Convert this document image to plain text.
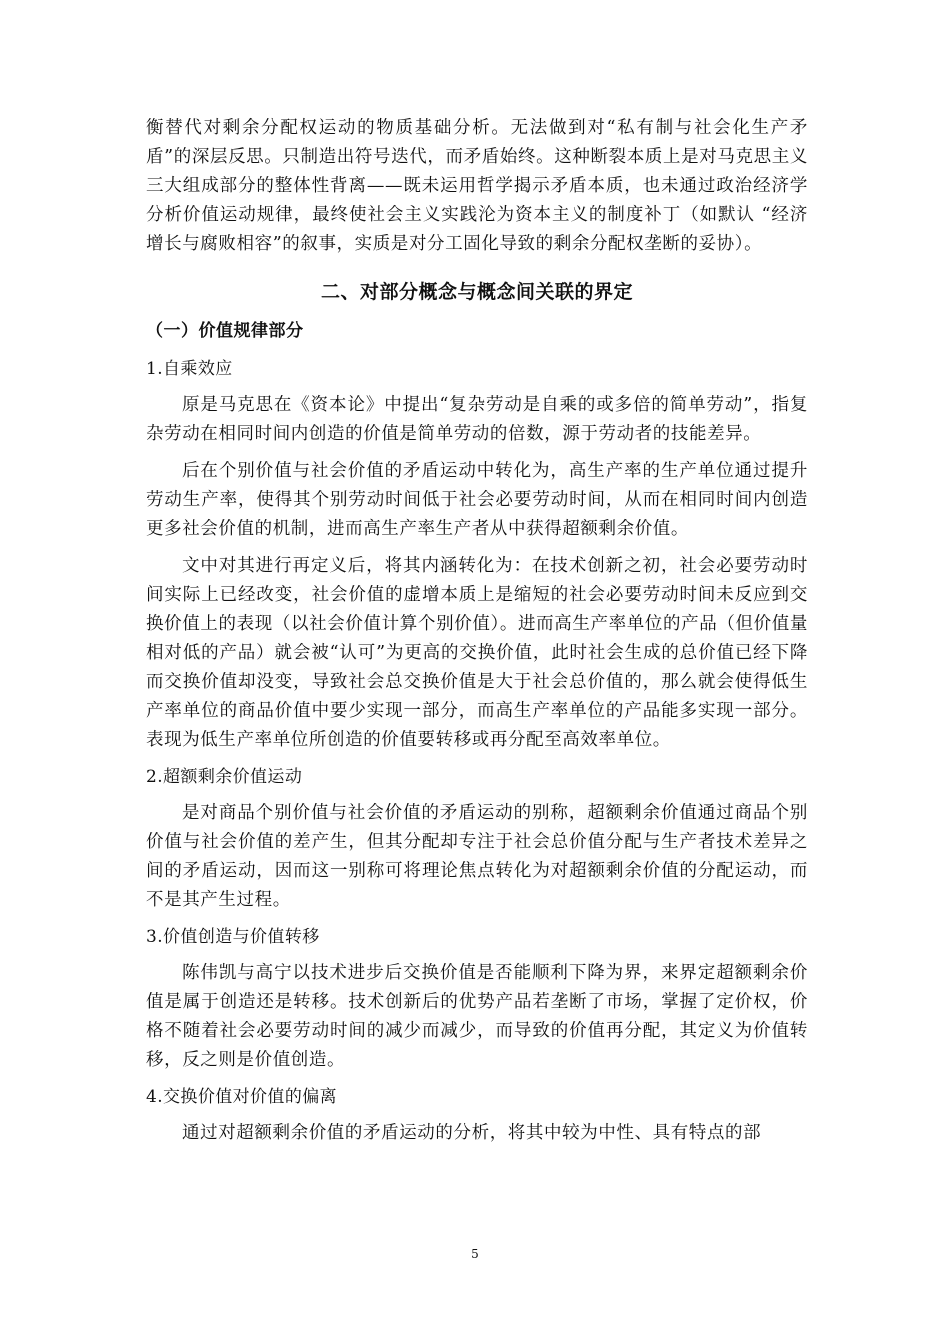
衡替代对剩余分配权运动的物质基础分析。无法做到对“私有制与社会化生产矛盾”的深层反思。只制造出符号迭代，而矛盾始终。这种断裂本质上是对马克思主义三大组成部分的整体性背离——既未运用哲学揭示矛盾本质，也未通过政治经济学分析价值运动规律，最终使社会主义实践沦为资本主义的制度补丁（如默认 “经济增长与腐败相容”的叙事，实质是对分工固化导致的剩余分配权垄断的妥协）。

二、对部分概念与概念间关联的界定
（一）价值规律部分
1.自乘效应

原是马克思在《资本论》中提出“复杂劳动是自乘的或多倍的简单劳动”，指复杂劳动在相同时间内创造的价值是简单劳动的倍数，源于劳动者的技能差异。

后在个别价值与社会价值的矛盾运动中转化为，高生产率的生产单位通过提升劳动生产率，使得其个别劳动时间低于社会必要劳动时间，从而在相同时间内创造更多社会价值的机制，进而高生产率生产者从中获得超额剩余价值。

文中对其进行再定义后，将其内涵转化为：在技术创新之初，社会必要劳动时间实际上已经改变，社会价值的虚增本质上是缩短的社会必要劳动时间未反应到交换价值上的表现（以社会价值计算个别价值）。进而高生产率单位的产品（但价值量相对低的产品）就会被“认可”为更高的交换价值，此时社会生成的总价值已经下降而交换价值却没变，导致社会总交换价值是大于社会总价值的，那么就会使得低生产率单位的商品价值中要少实现一部分，而高生产率单位的产品能多实现一部分。表现为低生产率单位所创造的价值要转移或再分配至高效率单位。

2.超额剩余价值运动

是对商品个别价值与社会价值的矛盾运动的别称，超额剩余价值通过商品个别价值与社会价值的差产生，但其分配却专注于社会总价值分配与生产者技术差异之间的矛盾运动，因而这一别称可将理论焦点转化为对超额剩余价值的分配运动，而不是其产生过程。

3.价值创造与价值转移

陈伟凯与高宁以技术进步后交换价值是否能顺利下降为界，来界定超额剩余价值是属于创造还是转移。技术创新后的优势产品若垄断了市场，掌握了定价权，价格不随着社会必要劳动时间的减少而减少，而导致的价值再分配，其定义为价值转移，反之则是价值创造。

4.交换价值对价值的偏离

通过对超额剩余价值的矛盾运动的分析，将其中较为中性、具有特点的部

5
